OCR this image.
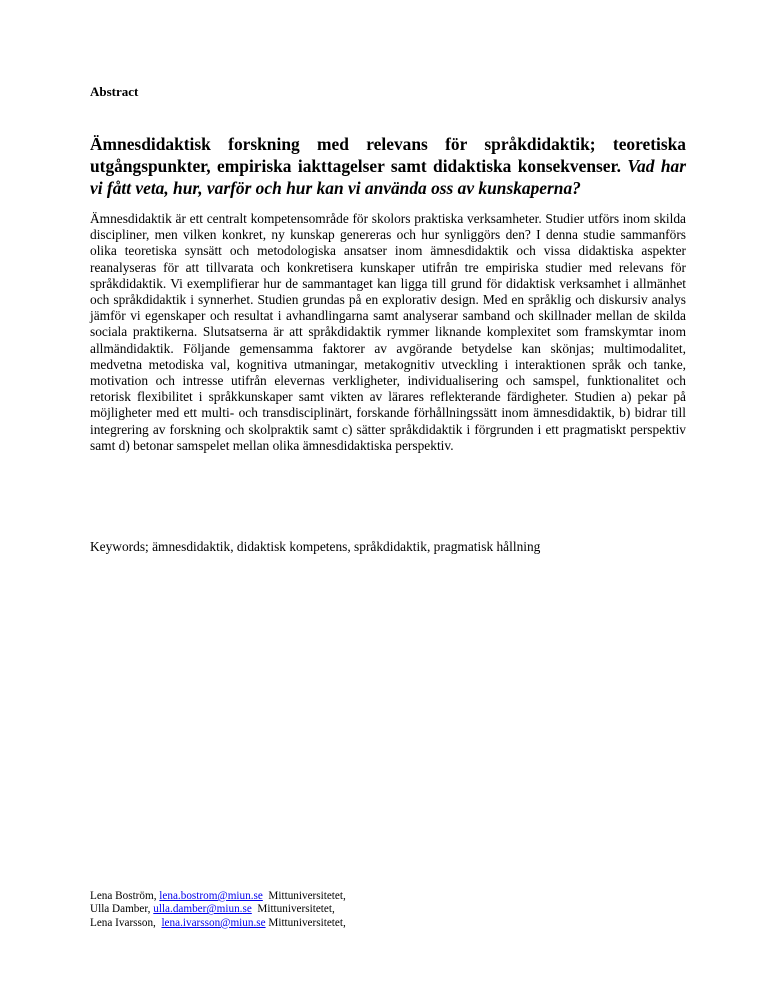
Abstract
Ämnesdidaktisk forskning med relevans för språkdidaktik; teoretiska utgångspunkter, empiriska iakttagelser samt didaktiska konsekvenser. Vad har vi fått veta, hur, varför och hur kan vi använda oss av kunskaperna?

Ämnesdidaktik är ett centralt kompetensområde för skolors praktiska verksamheter. Studier utförs inom skilda discipliner, men vilken konkret, ny kunskap genereras och hur synliggörs den? I denna studie sammanförs olika teoretiska synsätt och metodologiska ansatser inom ämnesdidaktik och vissa didaktiska aspekter reanalyseras för att tillvarata och konkretisera kunskaper utifrån tre empiriska studier med relevans för språkdidaktik. Vi exemplifierar hur de sammantaget kan ligga till grund för didaktisk verksamhet i allmänhet och språkdidaktik i synnerhet. Studien grundas på en explorativ design. Med en språklig och diskursiv analys jämför vi egenskaper och resultat i avhandlingarna samt analyserar samband och skillnader mellan de skilda sociala praktikerna. Slutsatserna är att språkdidaktik rymmer liknande komplexitet som framskymtar inom allmändidaktik. Följande gemensamma faktorer av avgörande betydelse kan skönjas; multimodalitet, medvetna metodiska val, kognitiva utmaningar, metakognitiv utveckling i interaktionen språk och tanke, motivation och intresse utifrån elevernas verkligheter, individualisering och samspel, funktionalitet och retorisk flexibilitet i språkkunskaper samt vikten av lärares reflekterande färdigheter. Studien a) pekar på möjligheter med ett multi- och transdisciplinärt, forskande förhållningssätt inom ämnesdidaktik, b) bidrar till integrering av forskning och skolpraktik samt c) sätter språkdidaktik i förgrunden i ett pragmatiskt perspektiv samt d) betonar samspelet mellan olika ämnesdidaktiska perspektiv.

Keywords; ämnesdidaktik, didaktisk kompetens, språkdidaktik, pragmatisk hållning

Lena Boström, lena.bostrom@miun.se  Mittuniversitetet,
Ulla Damber, ulla.damber@miun.se  Mittuniversitetet,
Lena Ivarsson,  lena.ivarsson@miun.se Mittuniversitetet,
